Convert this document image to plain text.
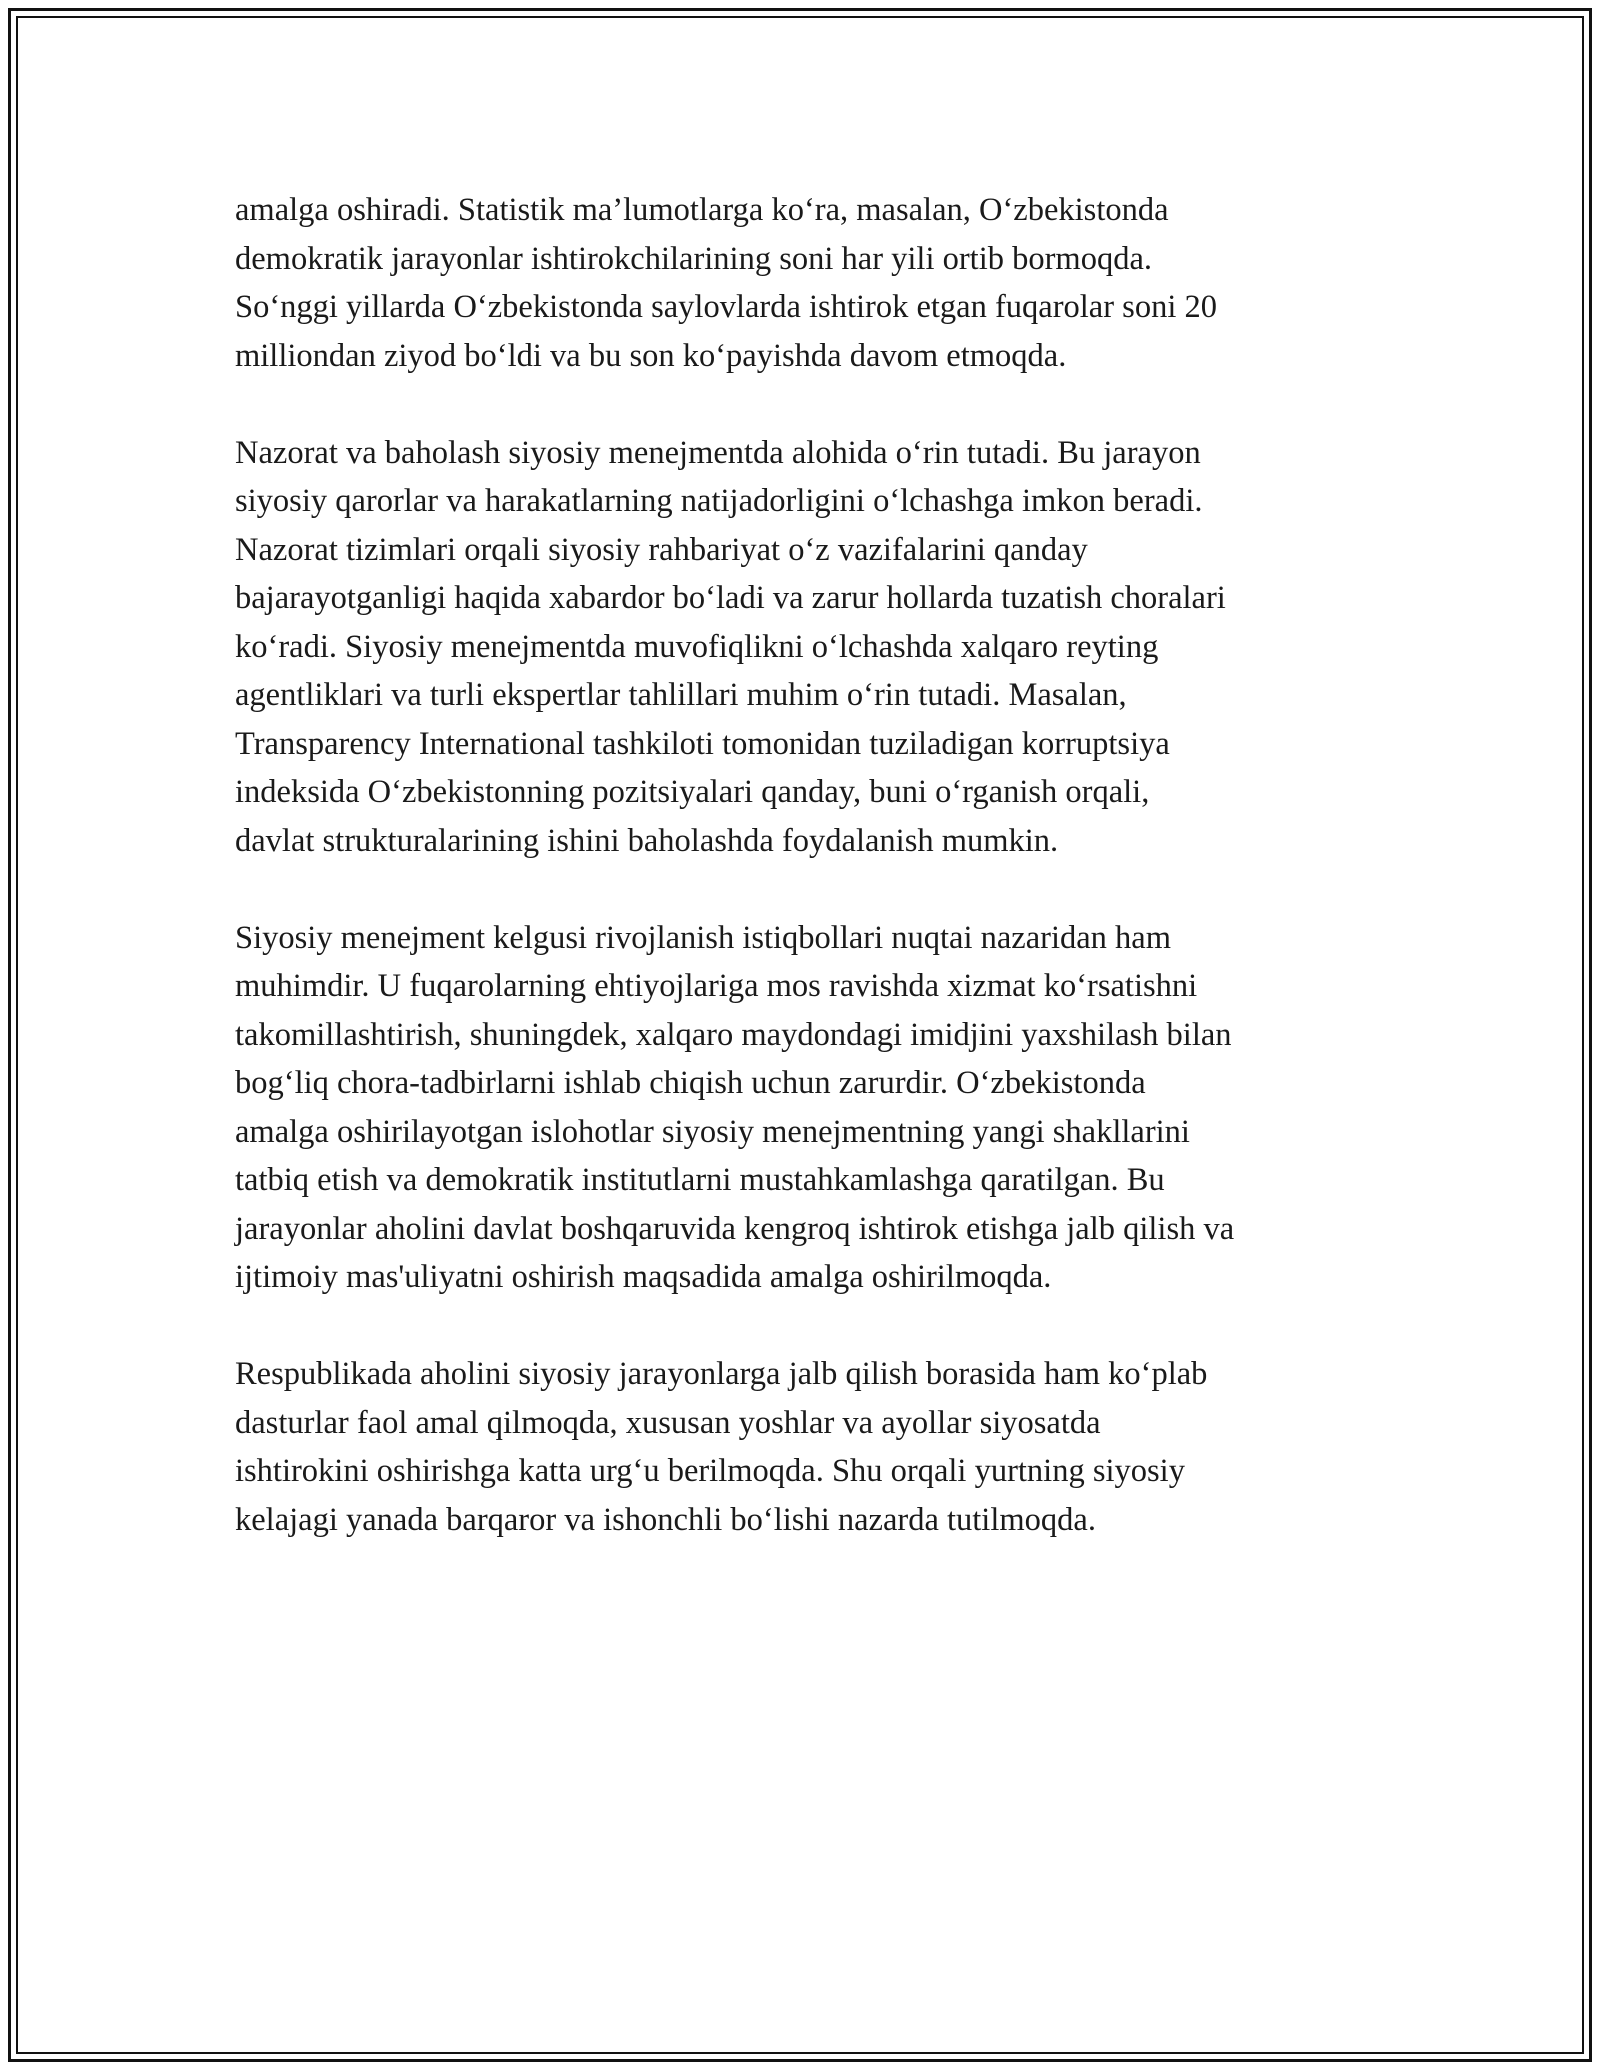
amalga oshiradi. Statistik ma’lumotlarga ko‘ra, masalan, O‘zbekistonda
demokratik jarayonlar ishtirokchilarining soni har yili ortib bormoqda.
So‘nggi yillarda O‘zbekistonda saylovlarda ishtirok etgan fuqarolar soni 20
milliondan ziyod bo‘ldi va bu son ko‘payishda davom etmoqda.
Nazorat va baholash siyosiy menejmentda alohida o‘rin tutadi. Bu jarayon
siyosiy qarorlar va harakatlarning natijadorligini o‘lchashga imkon beradi.
Nazorat tizimlari orqali siyosiy rahbariyat o‘z vazifalarini qanday
bajarayotganligi haqida xabardor bo‘ladi va zarur hollarda tuzatish choralari
ko‘radi. Siyosiy menejmentda muvofiqlikni o‘lchashda xalqaro reyting
agentliklari va turli ekspertlar tahlillari muhim o‘rin tutadi. Masalan,
Transparency International tashkiloti tomonidan tuziladigan korruptsiya
indeksida O‘zbekistonning pozitsiyalari qanday, buni o‘rganish orqali,
davlat strukturalarining ishini baholashda foydalanish mumkin.
Siyosiy menejment kelgusi rivojlanish istiqbollari nuqtai nazaridan ham
muhimdir. U fuqarolarning ehtiyojlariga mos ravishda xizmat ko‘rsatishni
takomillashtirish, shuningdek, xalqaro maydondagi imidjini yaxshilash bilan
bog‘liq chora-tadbirlarni ishlab chiqish uchun zarurdir. O‘zbekistonda
amalga oshirilayotgan islohotlar siyosiy menejmentning yangi shakllarini
tatbiq etish va demokratik institutlarni mustahkamlashga qaratilgan. Bu
jarayonlar aholini davlat boshqaruvida kengroq ishtirok etishga jalb qilish va
ijtimoiy mas'uliyatni oshirish maqsadida amalga oshirilmoqda.
Respublikada aholini siyosiy jarayonlarga jalb qilish borasida ham ko‘plab
dasturlar faol amal qilmoqda, xususan yoshlar va ayollar siyosatda
ishtirokini oshirishga katta urg‘u berilmoqda. Shu orqali yurtning siyosiy
kelajagi yanada barqaror va ishonchli bo‘lishi nazarda tutilmoqda.
